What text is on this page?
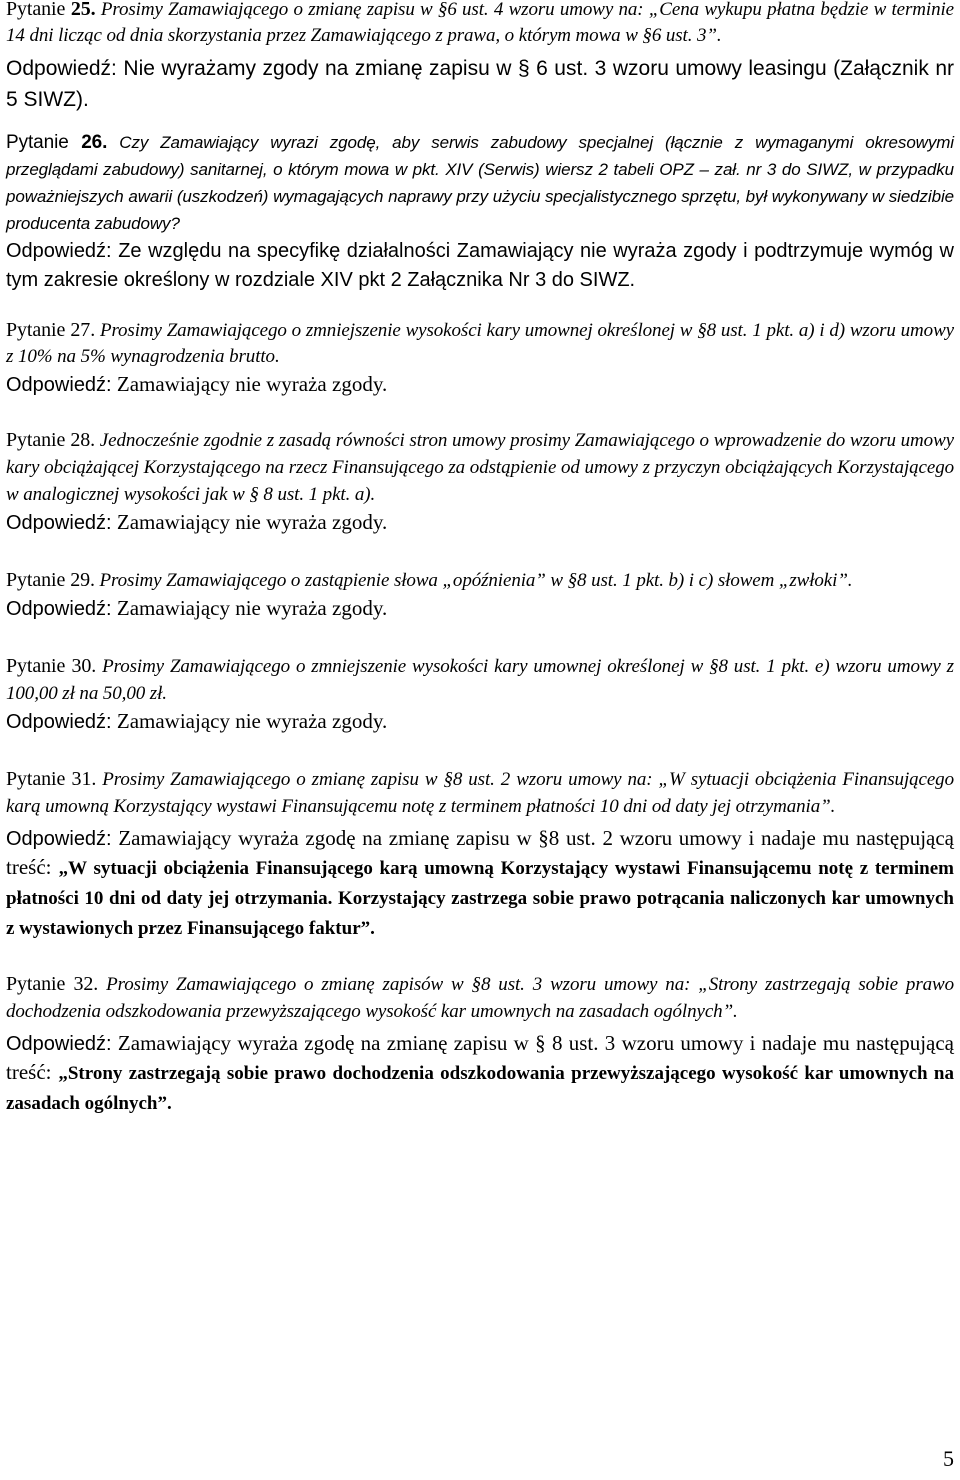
Pytanie 25. Prosimy Zamawiającego o zmianę zapisu w §6 ust. 4 wzoru umowy na: „Cena wykupu płatna będzie w terminie 14 dni licząc od dnia skorzystania przez Zamawiającego z prawa, o którym mowa w §6 ust. 3”.

Odpowiedź: Nie wyrażamy zgody na zmianę zapisu w § 6 ust. 3 wzoru umowy leasingu (Załącznik nr 5 SIWZ).

Pytanie 26. Czy Zamawiający wyrazi zgodę, aby serwis zabudowy specjalnej (łącznie z wymaganymi okresowymi przeglądami zabudowy) sanitarnej, o którym mowa w pkt. XIV (Serwis) wiersz 2 tabeli OPZ – zał. nr 3 do SIWZ, w przypadku poważniejszych awarii (uszkodzeń) wymagających naprawy przy użyciu specjalistycznego sprzętu, był wykonywany w siedzibie producenta zabudowy?

Odpowiedź: Ze względu na specyfikę działalności Zamawiający nie wyraża zgody i podtrzymuje wymóg w tym zakresie określony w rozdziale XIV pkt 2 Załącznika Nr 3 do SIWZ.

Pytanie 27. Prosimy Zamawiającego o zmniejszenie wysokości kary umownej określonej w §8 ust. 1 pkt. a) i d) wzoru umowy z 10% na 5% wynagrodzenia brutto.

Odpowiedź: Zamawiający nie wyraża zgody.

Pytanie 28. Jednocześnie zgodnie z zasadą równości stron umowy prosimy Zamawiającego o wprowadzenie do wzoru umowy kary obciążającej Korzystającego na rzecz Finansującego za odstąpienie od umowy z przyczyn obciążających Korzystającego w analogicznej wysokości jak w § 8 ust. 1 pkt. a).

Odpowiedź: Zamawiający nie wyraża zgody.

Pytanie 29. Prosimy Zamawiającego o zastąpienie słowa „opóźnienia” w §8 ust. 1 pkt. b) i c) słowem „zwłoki”.

Odpowiedź: Zamawiający nie wyraża zgody.

Pytanie 30. Prosimy Zamawiającego o zmniejszenie wysokości kary umownej określonej w §8 ust. 1 pkt. e) wzoru umowy z 100,00 zł na 50,00 zł.

Odpowiedź: Zamawiający nie wyraża zgody.

Pytanie 31. Prosimy Zamawiającego o zmianę zapisu w §8 ust. 2 wzoru umowy na: „W sytuacji obciążenia Finansującego karą umowną Korzystający wystawi Finansującemu notę z terminem płatności 10 dni od daty jej otrzymania”.

Odpowiedź: Zamawiający wyraża zgodę na zmianę zapisu w §8 ust. 2 wzoru umowy i nadaje mu następującą treść: „W sytuacji obciążenia Finansującego karą umowną Korzystający wystawi Finansującemu notę z terminem płatności 10 dni od daty jej otrzymania. Korzystający zastrzega sobie prawo potrącania naliczonych kar umownych z wystawionych przez Finansującego faktur”.

Pytanie 32. Prosimy Zamawiającego o zmianę zapisów w §8 ust. 3 wzoru umowy na: „Strony zastrzegają sobie prawo dochodzenia odszkodowania przewyższającego wysokość kar umownych na zasadach ogólnych”.

Odpowiedź: Zamawiający wyraża zgodę na zmianę zapisu w § 8 ust. 3 wzoru umowy i nadaje mu następującą treść: „Strony zastrzegają sobie prawo dochodzenia odszkodowania przewyższającego wysokość kar umownych na zasadach ogólnych”.

5
